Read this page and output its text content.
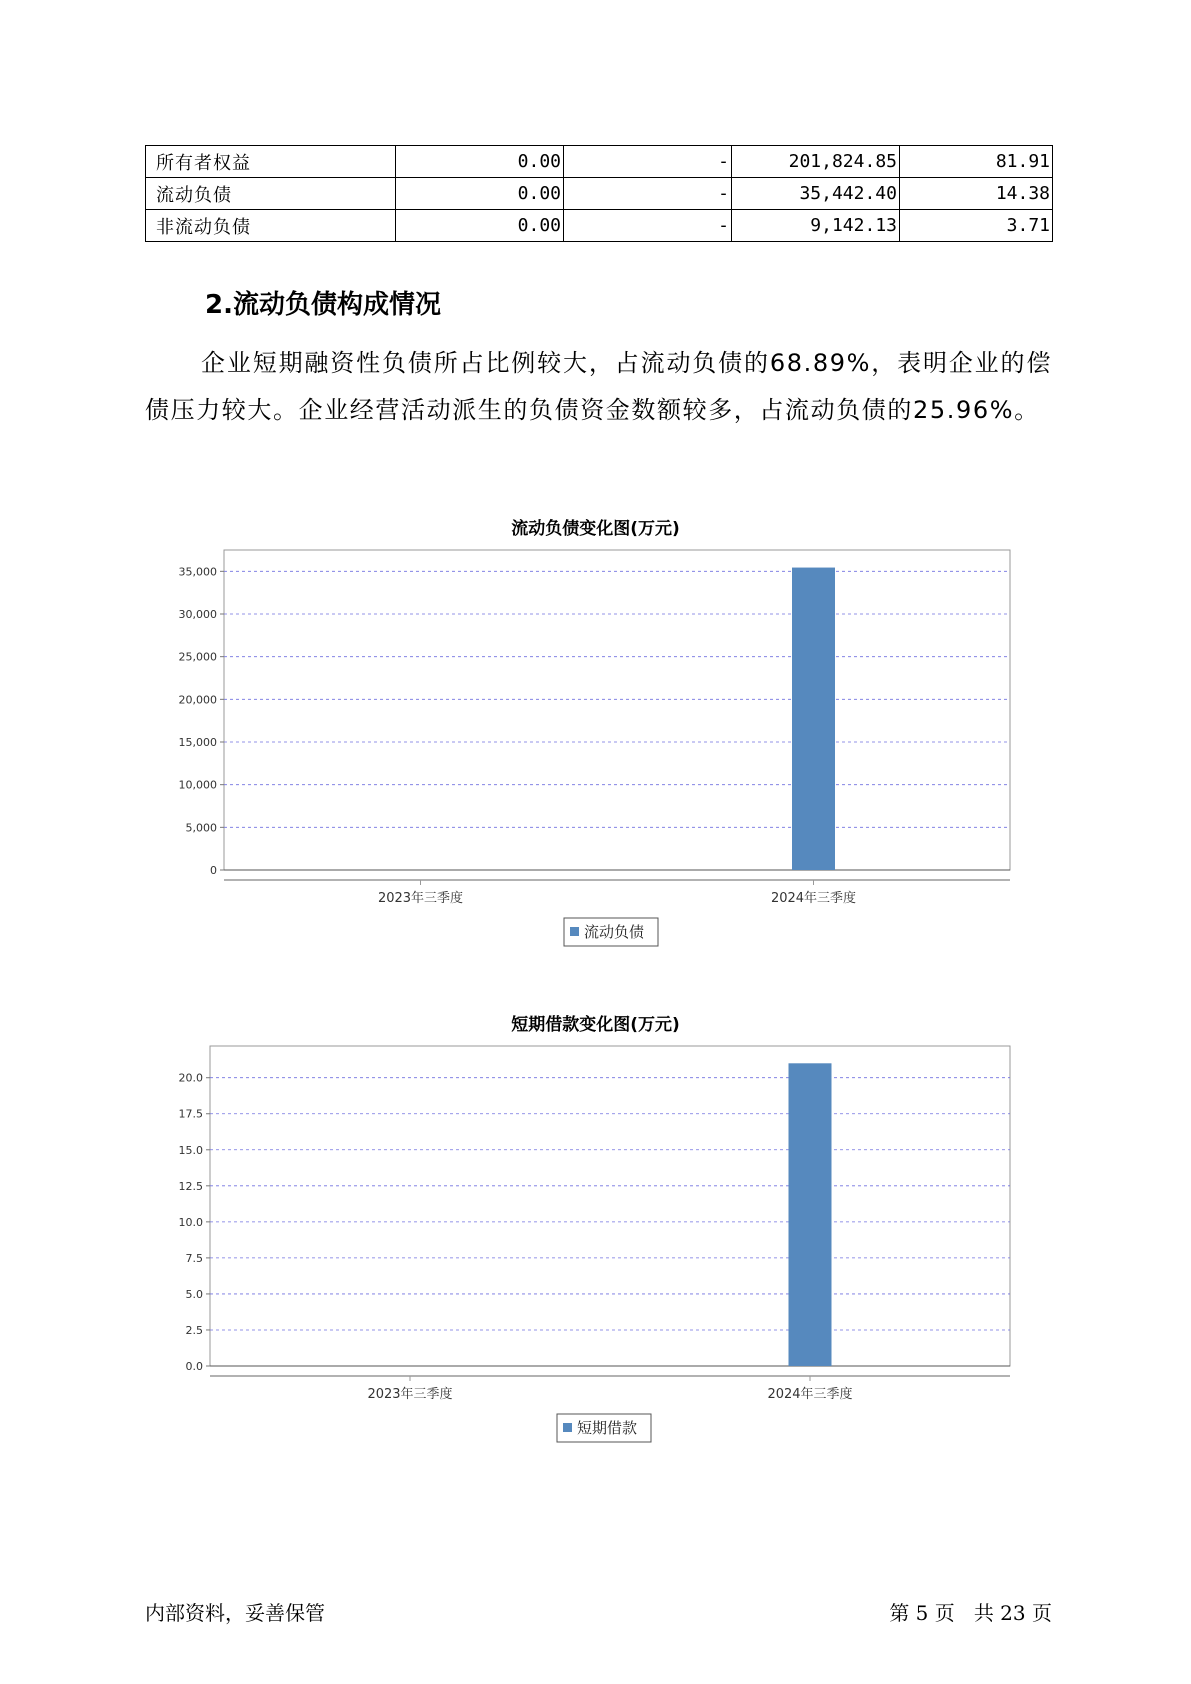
所有者权益	0.00	-	201,824.85	81.91
流动负债	0.00	-	35,442.40	14.38
非流动负债	0.00	-	9,142.13	3.71
2.流动负债构成情况

企业短期融资性负债所占比例较大，占流动负债的68.89%，表明企业的偿债压力较大。企业经营活动派生的负债资金数额较多，占流动负债的25.96%。

流动负债变化图(万元)
0
5,000
10,000
15,000
20,000
25,000
30,000
35,000
2023年三季度	2024年三季度
流动负债
短期借款变化图(万元)
0.0
2.5
5.0
7.5
10.0
12.5
15.0
17.5
20.0
2023年三季度	2024年三季度
短期借款
内部资料，妥善保管	第 5 页   共 23 页
